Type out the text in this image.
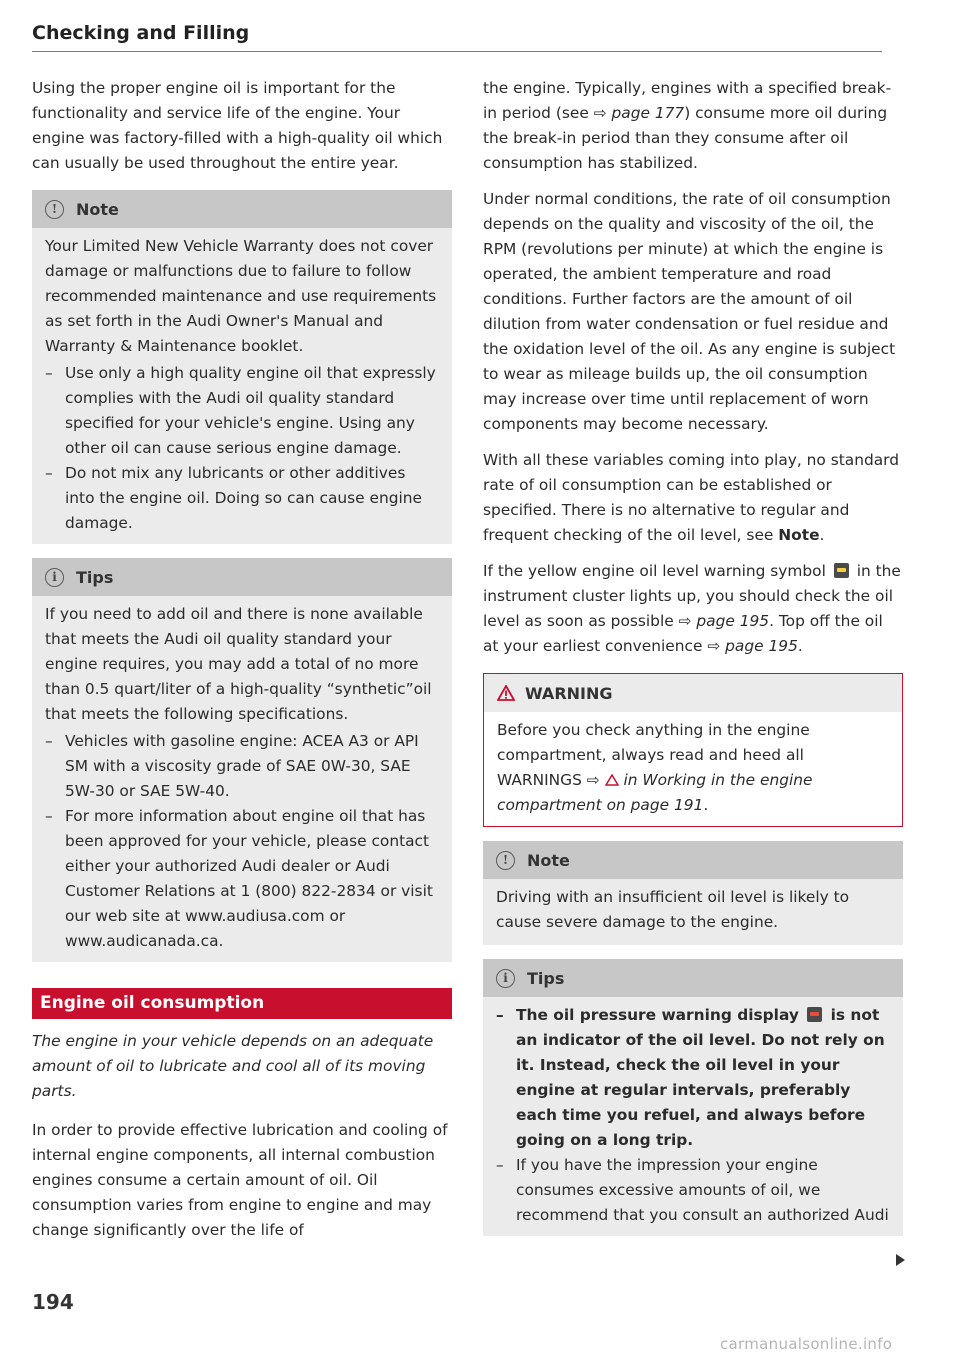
Checking and Filling

Using the proper engine oil is important for the functionality and service life of the engine. Your engine was factory-filled with a high-quality oil which can usually be used throughout the entire year.

!	Note

Your Limited New Vehicle Warranty does not cover damage or malfunctions due to failure to follow recommended maintenance and use requirements as set forth in the Audi Owner's Manual and Warranty & Maintenance booklet.

– Use only a high quality engine oil that expressly complies with the Audi oil quality standard specified for your vehicle's engine. Using any other oil can cause serious engine damage.
– Do not mix any lubricants or other additives into the engine oil. Doing so can cause engine damage.
i	Tips

If you need to add oil and there is none available that meets the Audi oil quality standard your engine requires, you may add a total of no more than 0.5 quart/liter of a high-quality “synthetic”oil that meets the following specifications.

– Vehicles with gasoline engine: ACEA A3 or API SM with a viscosity grade of SAE 0W-30, SAE 5W-30 or SAE 5W-40.
– For more information about engine oil that has been approved for your vehicle, please contact either your authorized Audi dealer or Audi Customer Relations at 1 (800) 822-2834 or visit our web site at www.audiusa.com or www.audicanada.ca.
Engine oil consumption

The engine in your vehicle depends on an adequate amount of oil to lubricate and cool all of its moving parts.

In order to provide effective lubrication and cooling of internal engine components, all internal combustion engines consume a certain amount of oil. Oil consumption varies from engine to engine and may change significantly over the life of

the engine. Typically, engines with a specified break-in period (see ⇨ page 177) consume more oil during the break-in period than they consume after oil consumption has stabilized.

Under normal conditions, the rate of oil consumption depends on the quality and viscosity of the oil, the RPM (revolutions per minute) at which the engine is operated, the ambient temperature and road conditions. Further factors are the amount of oil dilution from water condensation or fuel residue and the oxidation level of the oil. As any engine is subject to wear as mileage builds up, the oil consumption may increase over time until replacement of worn components may become necessary.

With all these variables coming into play, no standard rate of oil consumption can be established or specified. There is no alternative to regular and frequent checking of the oil level, see Note.

If the yellow engine oil level warning symbol in the instrument cluster lights up, you should check the oil level as soon as possible ⇨ page 195. Top off the oil at your earliest convenience ⇨ page 195.

WARNING

Before you check anything in the engine compartment, always read and heed all WARNINGS ⇨ in Working in the engine compartment on page 191.

!	Note

Driving with an insufficient oil level is likely to cause severe damage to the engine.

i	Tips
– The oil pressure warning display is not an indicator of the oil level. Do not rely on it. Instead, check the oil level in your engine at regular intervals, preferably each time you refuel, and always before going on a long trip.
– If you have the impression your engine consumes excessive amounts of oil, we recommend that you consult an authorized Audi
194
carmanualsonline.info
